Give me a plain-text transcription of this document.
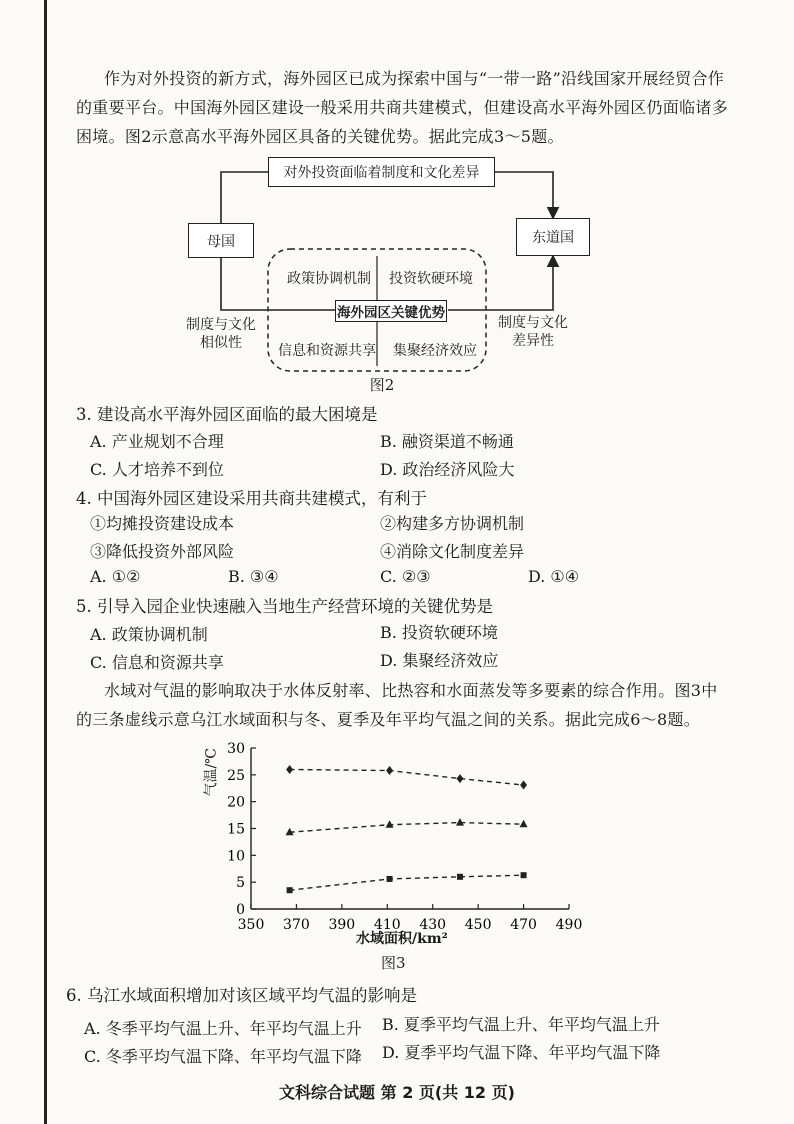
作为对外投资的新方式，海外园区已成为探索中国与“一带一路”沿线国家开展经贸合作
的重要平台。中国海外园区建设一般采用共商共建模式，但建设高水平海外园区仍面临诸多
困境。图2示意高水平海外园区具备的关键优势。据此完成3～5题。
对外投资面临着制度和文化差异
母国	东道国
政策协调机制 投资软硬环境
海外园区关键优势
信息和资源共享 集聚经济效应
制度与文化
相似性
制度与文化
差异性
图2
3. 建设高水平海外园区面临的最大困境是
A. 产业规划不合理	B. 融资渠道不畅通
C. 人才培养不到位	D. 政治经济风险大
4. 中国海外园区建设采用共商共建模式，有利于
①均摊投资建设成本	②构建多方协调机制
③降低投资外部风险	④消除文化制度差异
A. ①②	B. ③④	C. ②③	D. ①④
5. 引导入园企业快速融入当地生产经营环境的关键优势是
A. 政策协调机制	B. 投资软硬环境
C. 信息和资源共享	D. 集聚经济效应
水域对气温的影响取决于水体反射率、比热容和水面蒸发等多要素的综合作用。图3中
的三条虚线示意乌江水域面积与冬、夏季及年平均气温之间的关系。据此完成6～8题。
0
5
10
15
20
25
30
350 370 390 410 430 450 470 490
水域面积/km²
气温/℃
图3
6. 乌江水域面积增加对该区域平均气温的影响是
A. 冬季平均气温上升、年平均气温上升 B. 夏季平均气温上升、年平均气温上升
C. 冬季平均气温下降、年平均气温下降 D. 夏季平均气温下降、年平均气温下降
文科综合试题 第 2 页(共 12 页)
